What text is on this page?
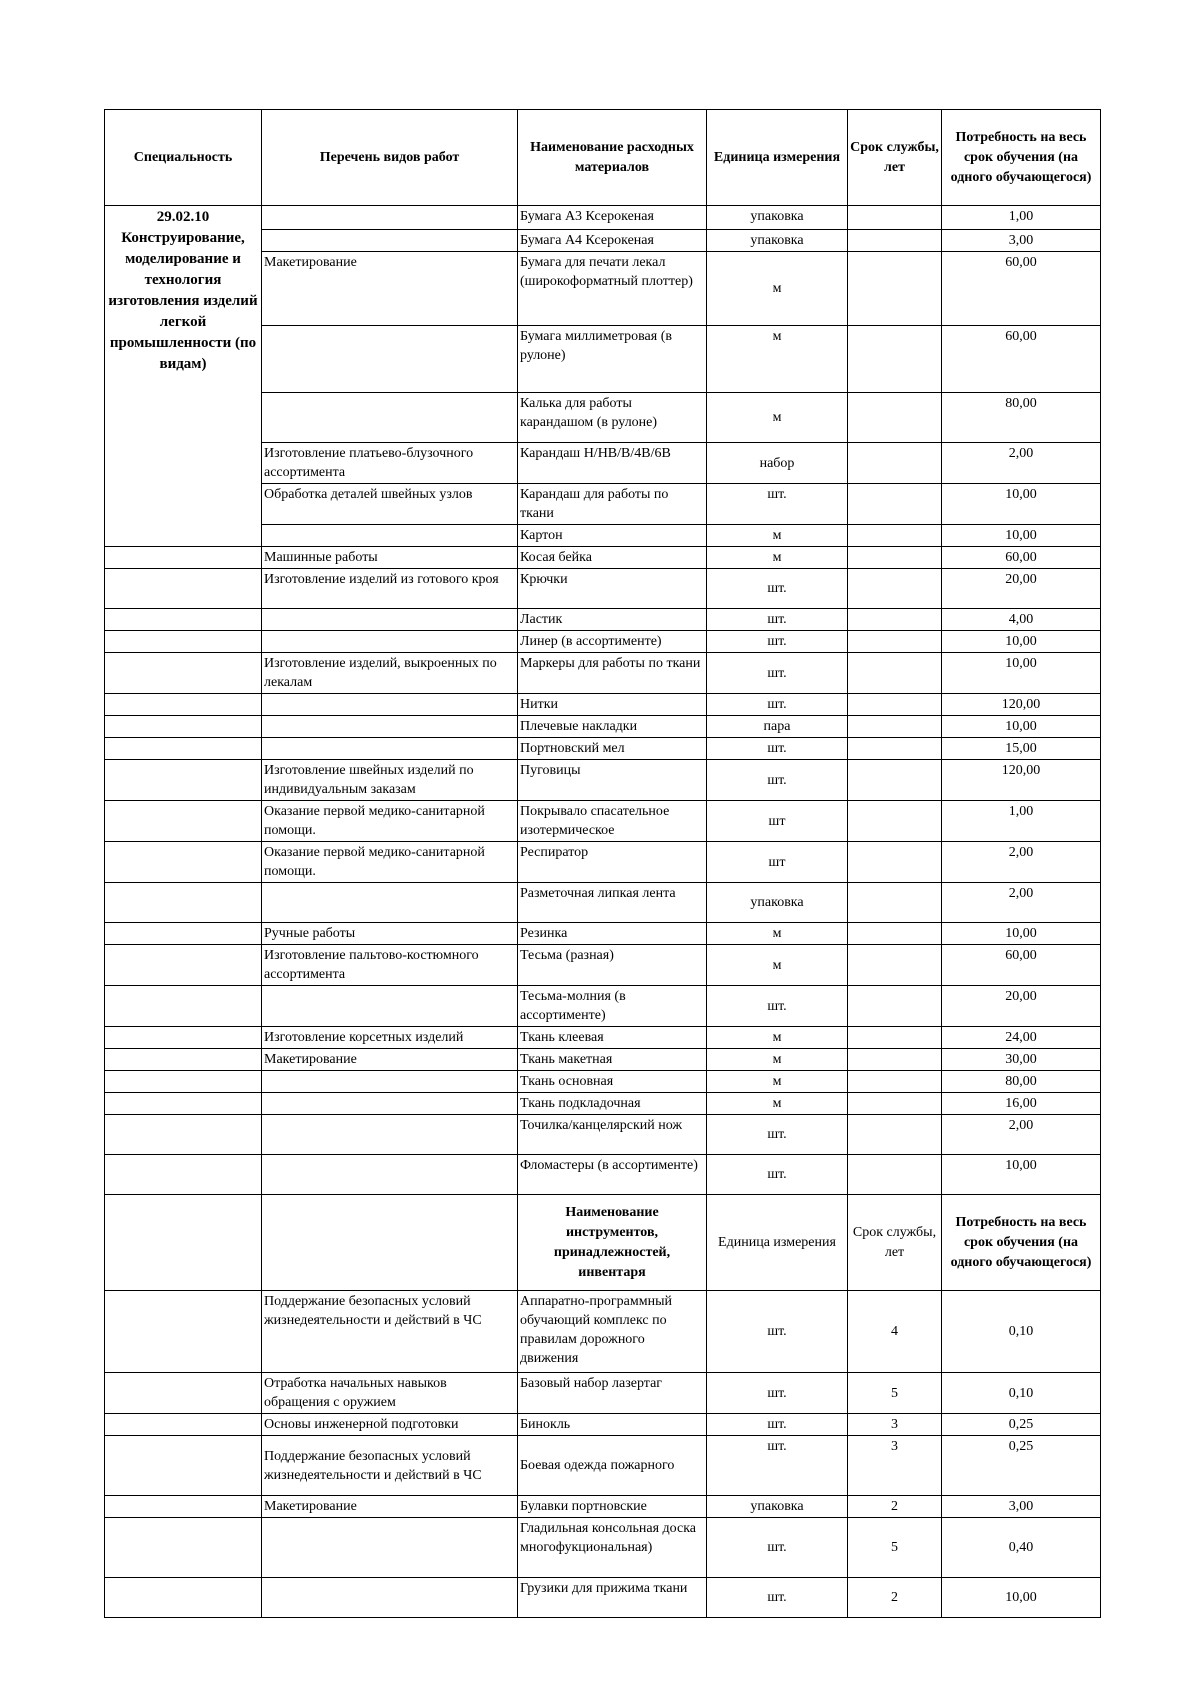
Специальность	Перечень видов работ	Наименование расходных материалов	Единица измерения	Срок службы, лет	Потребность на весь срок обучения (на одного обучающегося)
29.02.10 Конструирование, моделирование и технология изготовления изделий легкой промышленности (по видам)		Бумага А3 Ксерокеная	упаковка		1,00
		Бумага А4 Ксерокеная	упаковка		3,00
	Макетирование	Бумага для печати лекал (широкоформатный плоттер)	м		60,00
		Бумага миллиметровая (в рулоне)	м		60,00
		Калька для работы карандашом (в рулоне)	м		80,00
	Изготовление платьево-блузочного ассортимента	Карандаш H/HB/B/4B/6B	набор		2,00
	Обработка деталей швейных узлов	Карандаш для работы по ткани	шт.		10,00
		Картон	м		10,00
	Машинные работы	Косая бейка	м		60,00
	Изготовление изделий из готового кроя	Крючки	шт.		20,00
		Ластик	шт.		4,00
		Линер (в ассортименте)	шт.		10,00
	Изготовление изделий, выкроенных по лекалам	Маркеры для работы по ткани	шт.		10,00
		Нитки	шт.		120,00
		Плечевые накладки	пара		10,00
		Портновский мел	шт.		15,00
	Изготовление швейных изделий по индивидуальным заказам	Пуговицы	шт.		120,00
	Оказание первой медико-санитарной помощи.	Покрывало спасательное изотермическое	шт		1,00
	Оказание первой медико-санитарной помощи.	Респиратор	шт		2,00
		Разметочная липкая лента	упаковка		2,00
	Ручные работы	Резинка	м		10,00
	Изготовление пальтово-костюмного ассортимента	Тесьма (разная)	м		60,00
		Тесьма-молния (в ассортименте)	шт.		20,00
	Изготовление корсетных изделий	Ткань клеевая	м		24,00
	Макетирование	Ткань макетная	м		30,00
		Ткань основная	м		80,00
		Ткань подкладочная	м		16,00
		Точилка/канцелярский нож	шт.		2,00
		Фломастеры (в ассортименте)	шт.		10,00
		Наименование инструментов, принадлежностей, инвентаря	Единица измерения	Срок службы, лет	Потребность на весь срок обучения (на одного обучающегося)
	Поддержание безопасных условий жизнедеятельности и действий в ЧС	Аппаратно-программный обучающий комплекс по правилам дорожного движения	шт.	4	0,10
	Отработка начальных навыков обращения с оружием	Базовый набор лазертаг	шт.	5	0,10
	Основы инженерной подготовки	Бинокль	шт.	3	0,25
	Поддержание безопасных условий жизнедеятельности и действий в ЧС	Боевая одежда пожарного	шт.	3	0,25
	Макетирование	Булавки портновские	упаковка	2	3,00
		Гладильная консольная доска многофукциональная)	шт.	5	0,40
		Грузики для прижима ткани	шт.	2	10,00
